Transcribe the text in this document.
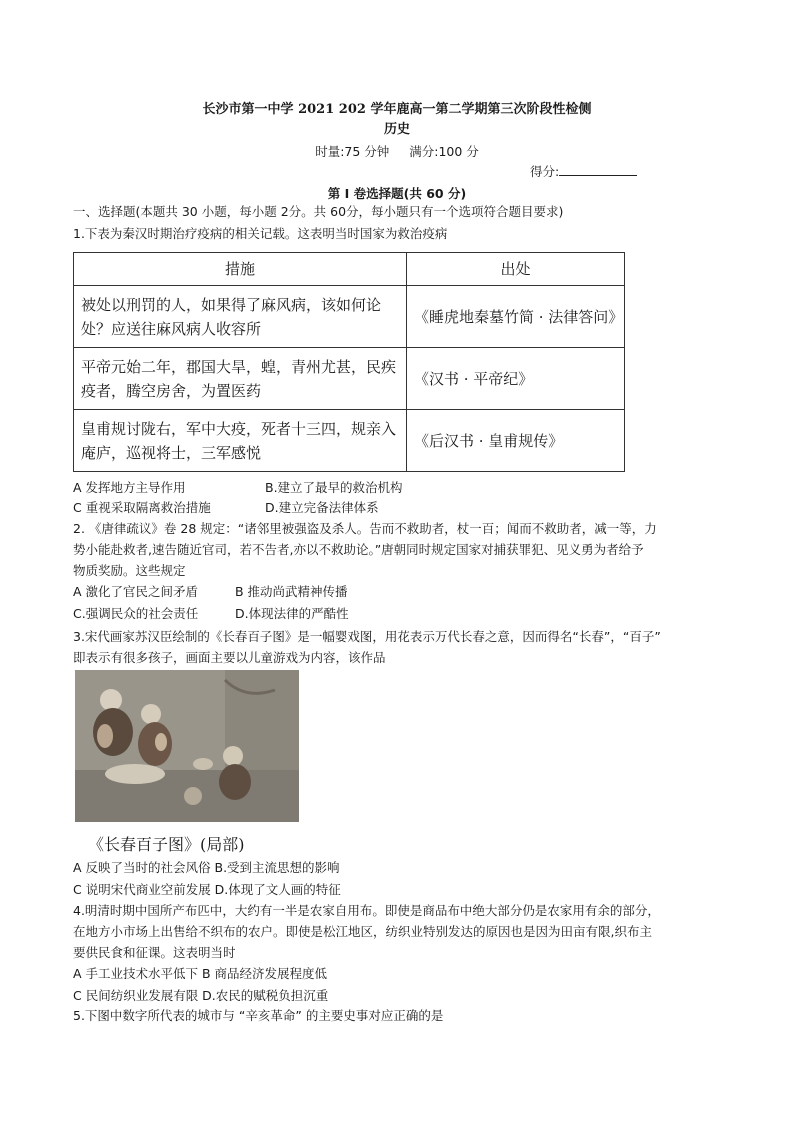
长沙市第一中学 2021 202 学年鹿高一第二学期第三次阶段性检侧
历史
时量:75 分钟 满分:100 分
得分:
第 I 卷选择题(共 60 分)
一、选择题(本题共 30 小题，每小题 2分。共 60分，每小题只有一个选项符合题目要求)
1.下表为秦汉时期治疗疫病的相关记载。这表明当时国家为救治疫病
措施	出处
被处以刑罚的人，如果得了麻风病，该如何论处？应送往麻风病人收容所	《睡虎地秦墓竹简 · 法律答问》
平帝元始二年，郡国大旱，蝗，青州尤甚，民疾疫者，腾空房舍，为置医药	《汉书 · 平帝纪》
皇甫规讨陇右，军中大疫，死者十三四，规亲入庵庐，巡视将士，三军感悦	《后汉书 · 皇甫规传》
A 发挥地方主导作用	B.建立了最早的救治机构
C 重视采取隔离救治措施	D.建立完备法律体系
2. 《唐律疏议》卷 28 规定：“诸邻里被强盗及杀人。告而不救助者，杖一百；闻而不救助者，减一等，力
势小能赴救者,速告随近官司，若不告者,亦以不救助论。”唐朝同时规定国家对捕获罪犯、见义勇为者给予
物质奖励。这些规定
A 激化了官民之间矛盾	B 推动尚武精神传播
C.强调民众的社会责任	D.体现法律的严酷性
3.宋代画家苏汉臣绘制的《长春百子图》是一幅婴戏图，用花表示万代长春之意，因而得名“长春”，“百子”
即表示有很多孩子，画面主要以儿童游戏为内容，该作品
《长春百子图》(局部)
A 反映了当时的社会风俗 B.受到主流思想的影响
C 说明宋代商业空前发展 D.体现了文人画的特征
4.明清时期中国所产布匹中，大约有一半是农家自用布。即使是商品布中绝大部分仍是农家用有余的部分，
在地方小市场上出售给不织布的农户。即使是松江地区，纺织业特别发达的原因也是因为田亩有限,织布主
要供民食和征课。这表明当时
A 手工业技术水平低下 B 商品经济发展程度低
C 民间纺织业发展有限 D.农民的赋税负担沉重
5.下图中数字所代表的城市与 “辛亥革命” 的主要史事对应正确的是
